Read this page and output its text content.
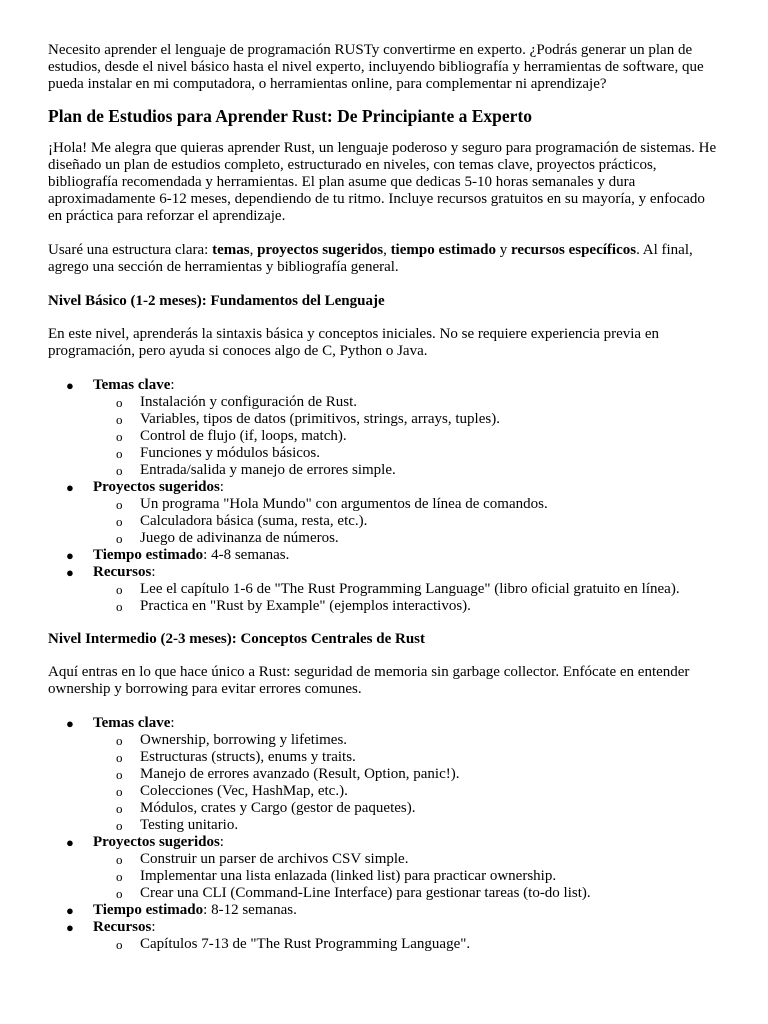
Necesito aprender el lenguaje de programación RUSTy convertirme en experto. ¿Podrás generar un plan de estudios, desde el nivel básico hasta el nivel experto, incluyendo bibliografía y herramientas de software, que pueda instalar en mi computadora, o herramientas online, para complementar ni aprendizaje?

Plan de Estudios para Aprender Rust: De Principiante a Experto

¡Hola! Me alegra que quieras aprender Rust, un lenguaje poderoso y seguro para programación de sistemas. He diseñado un plan de estudios completo, estructurado en niveles, con temas clave, proyectos prácticos, bibliografía recomendada y herramientas. El plan asume que dedicas 5-10 horas semanales y dura aproximadamente 6-12 meses, dependiendo de tu ritmo. Incluye recursos gratuitos en su mayoría, y enfocado en práctica para reforzar el aprendizaje.

Usaré una estructura clara: temas, proyectos sugeridos, tiempo estimado y recursos específicos. Al final, agrego una sección de herramientas y bibliografía general.

Nivel Básico (1-2 meses): Fundamentos del Lenguaje

En este nivel, aprenderás la sintaxis básica y conceptos iniciales. No se requiere experiencia previa en programación, pero ayuda si conoces algo de C, Python o Java.

● Temas clave:
o Instalación y configuración de Rust.
o Variables, tipos de datos (primitivos, strings, arrays, tuples).
o Control de flujo (if, loops, match).
o Funciones y módulos básicos.
o Entrada/salida y manejo de errores simple.
● Proyectos sugeridos:
o Un programa "Hola Mundo" con argumentos de línea de comandos.
o Calculadora básica (suma, resta, etc.).
o Juego de adivinanza de números.
● Tiempo estimado: 4-8 semanas.
● Recursos:
o Lee el capítulo 1-6 de "The Rust Programming Language" (libro oficial gratuito en línea).
o Practica en "Rust by Example" (ejemplos interactivos).
Nivel Intermedio (2-3 meses): Conceptos Centrales de Rust

Aquí entras en lo que hace único a Rust: seguridad de memoria sin garbage collector. Enfócate en entender ownership y borrowing para evitar errores comunes.

● Temas clave:
o Ownership, borrowing y lifetimes.
o Estructuras (structs), enums y traits.
o Manejo de errores avanzado (Result, Option, panic!).
o Colecciones (Vec, HashMap, etc.).
o Módulos, crates y Cargo (gestor de paquetes).
o Testing unitario.
● Proyectos sugeridos:
o Construir un parser de archivos CSV simple.
o Implementar una lista enlazada (linked list) para practicar ownership.
o Crear una CLI (Command-Line Interface) para gestionar tareas (to-do list).
● Tiempo estimado: 8-12 semanas.
● Recursos:
o Capítulos 7-13 de "The Rust Programming Language".
